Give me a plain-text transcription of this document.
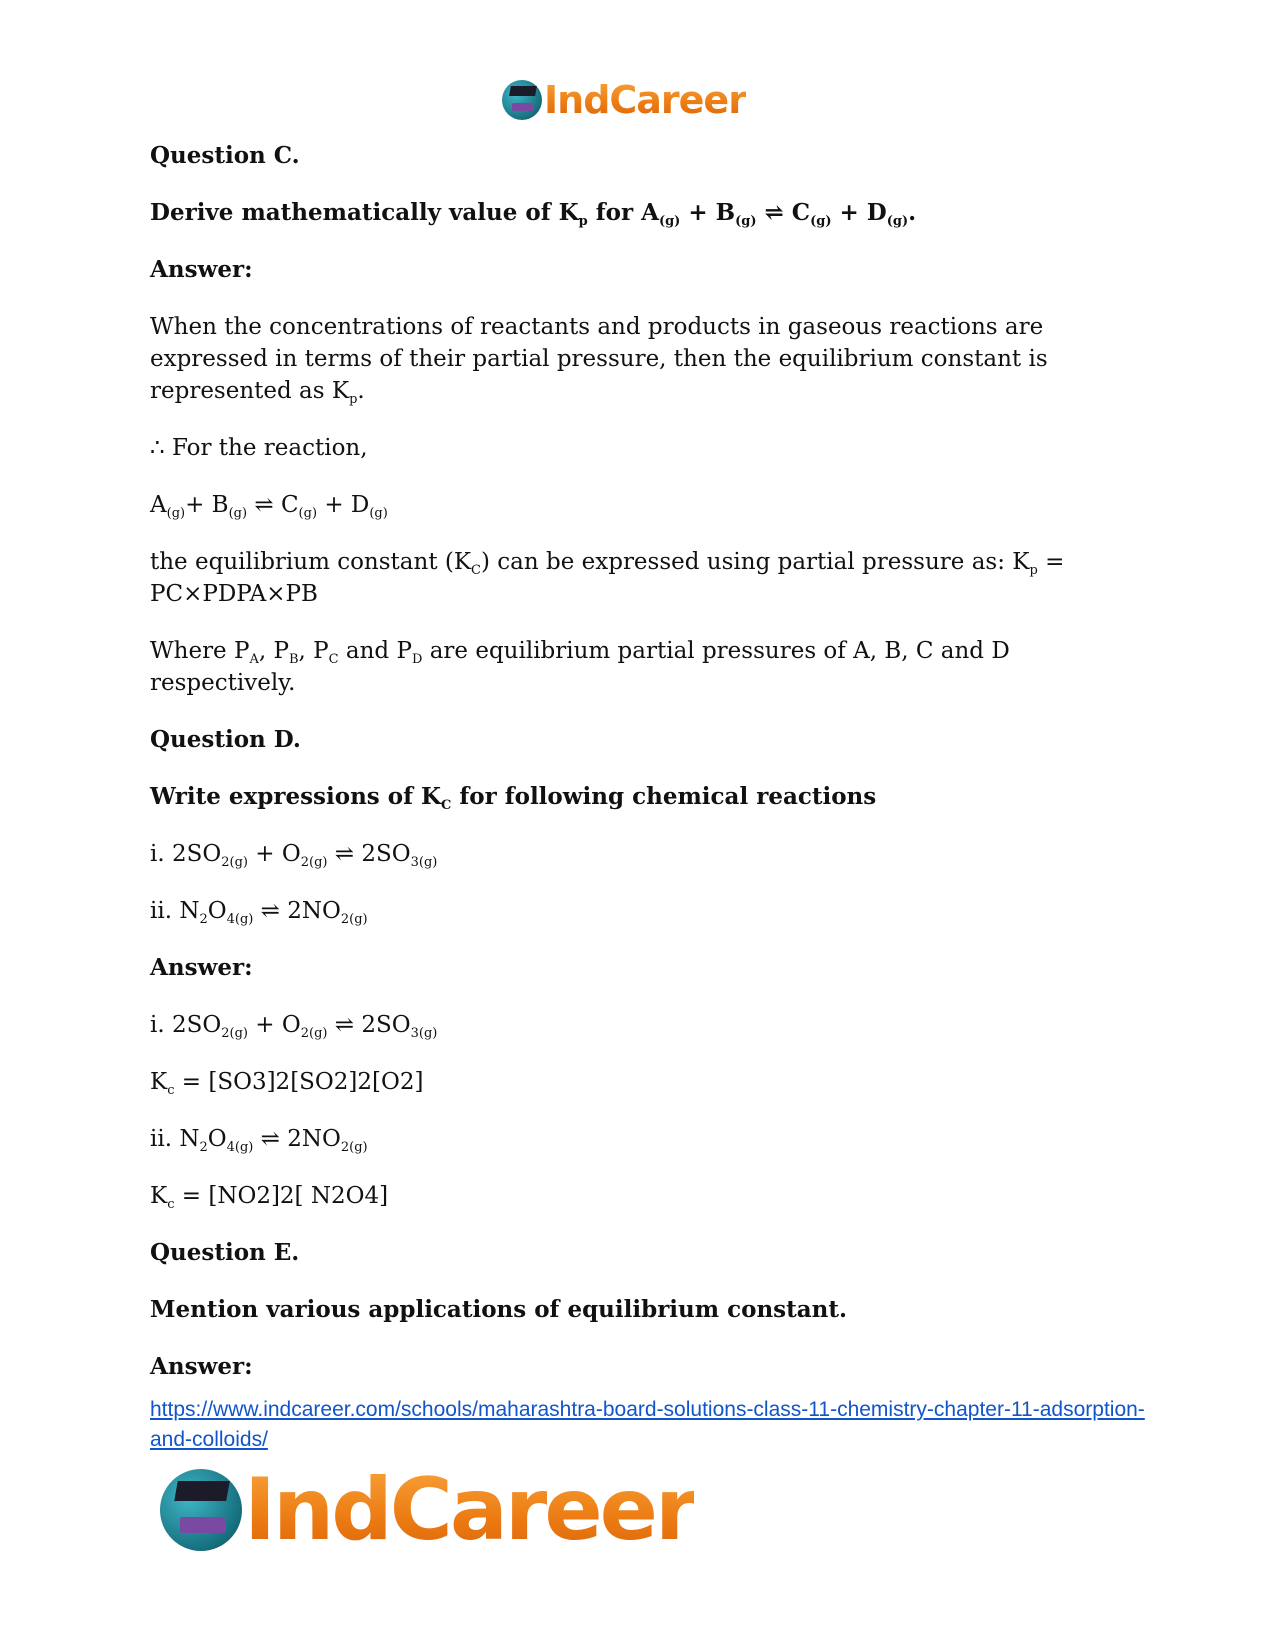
IndCareer

Question C.

Derive mathematically value of $K_p$ for $A_{(g)} + B_{(g)}$ ⇌ $C_{(g)} + D_{(g)}$.

Answer:

When the concentrations of reactants and products in gaseous reactions are expressed in terms of their partial pressure, then the equilibrium constant is represented as $K_p$.

∴ For the reaction,

$A_{(g)}+ B_{(g)}$ ⇌ $C_{(g)} + D_{(g)}$

the equilibrium constant $(K_C)$ can be expressed using partial pressure as: $K_p$ = PC×PDPA×PB

Where $P_A$, $P_B$, $P_C$ and $P_D$ are equilibrium partial pressures of A, B, C and D respectively.

Question D.

Write expressions of $K_C$ for following chemical reactions

i. $2SO_{2(g)} + O_{2(g)}$ ⇌ $2SO_{3(g)}$

ii. $N_2O_{4(g)}$ ⇌ $2NO_{2(g)}$

Answer:

i. $2SO_{2(g)} + O_{2(g)}$ ⇌ $2SO_{3(g)}$

$K_c = [SO3]2[SO2]2[O2]$

ii. $N_2O_{4(g)}$ ⇌ $2NO_{2(g)}$

$K_c = [NO2]2$[ N2O4]

Question E.

Mention various applications of equilibrium constant.

Answer:

https://www.indcareer.com/schools/maharashtra-board-solutions-class-11-chemistry-chapter-11-adsorption-and-colloids/
IndCareer
